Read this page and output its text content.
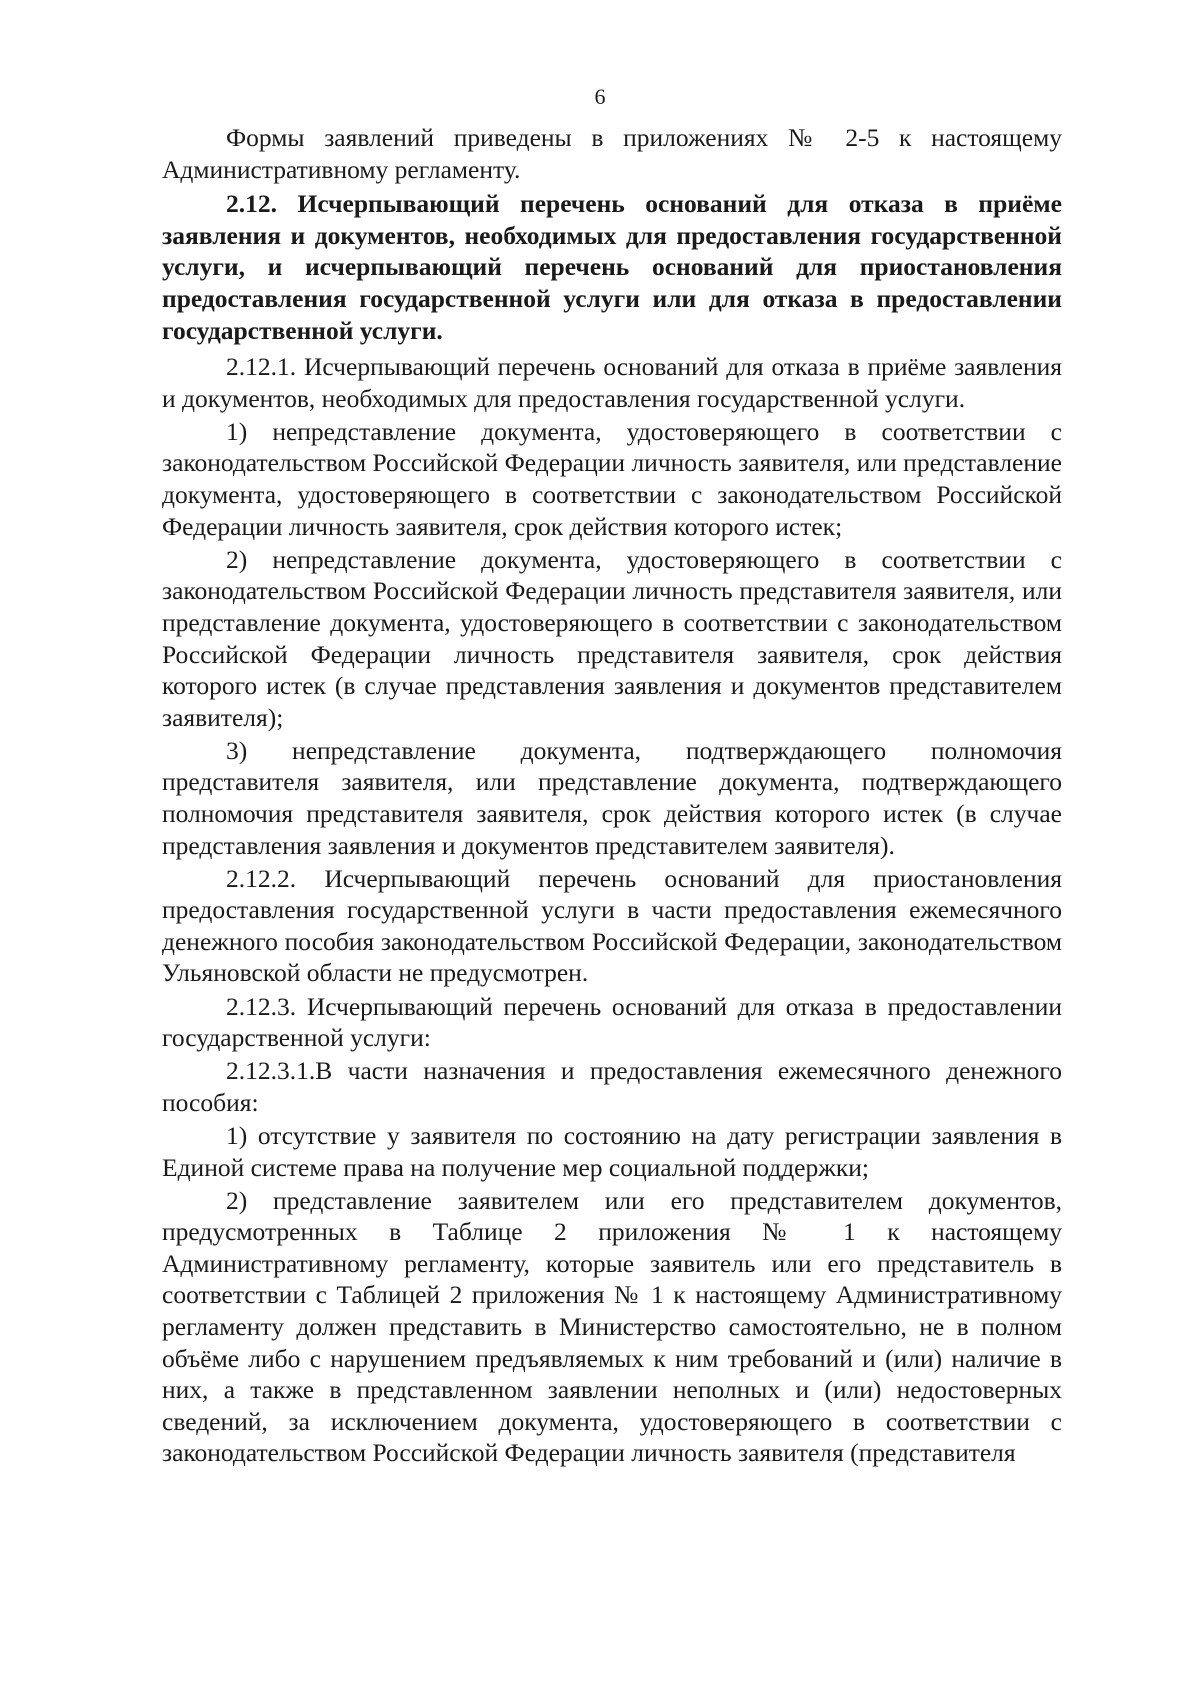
6

Формы заявлений приведены в приложениях № 2-5 к настоящему Административному регламенту.

2.12. Исчерпывающий перечень оснований для отказа в приёме заявления и документов, необходимых для предоставления государственной услуги, и исчерпывающий перечень оснований для приостановления предоставления государственной услуги или для отказа в предоставлении государственной услуги.

2.12.1. Исчерпывающий перечень оснований для отказа в приёме заявления и документов, необходимых для предоставления государственной услуги.

1) непредставление документа, удостоверяющего в соответствии с законодательством Российской Федерации личность заявителя, или представление документа, удостоверяющего в соответствии с законодательством Российской Федерации личность заявителя, срок действия которого истек;

2) непредставление документа, удостоверяющего в соответствии с законодательством Российской Федерации личность представителя заявителя, или представление документа, удостоверяющего в соответствии с законодательством Российской Федерации личность представителя заявителя, срок действия которого истек (в случае представления заявления и документов представителем заявителя);

3) непредставление документа, подтверждающего полномочия представителя заявителя, или представление документа, подтверждающего полномочия представителя заявителя, срок действия которого истек (в случае представления заявления и документов представителем заявителя).

2.12.2. Исчерпывающий перечень оснований для приостановления предоставления государственной услуги в части предоставления ежемесячного денежного пособия законодательством Российской Федерации, законодательством Ульяновской области не предусмотрен.

2.12.3. Исчерпывающий перечень оснований для отказа в предоставлении государственной услуги:

2.12.3.1.В части назначения и предоставления ежемесячного денежного пособия:

1) отсутствие у заявителя по состоянию на дату регистрации заявления в Единой системе права на получение мер социальной поддержки;

2) представление заявителем или его представителем документов, предусмотренных в Таблице 2 приложения № 1 к настоящему Административному регламенту, которые заявитель или его представитель в соответствии с Таблицей 2 приложения № 1 к настоящему Административному регламенту должен представить в Министерство самостоятельно, не в полном объёме либо с нарушением предъявляемых к ним требований и (или) наличие в них, а также в представленном заявлении неполных и (или) недостоверных сведений, за исключением документа, удостоверяющего в соответствии с законодательством Российской Федерации личность заявителя (представителя
